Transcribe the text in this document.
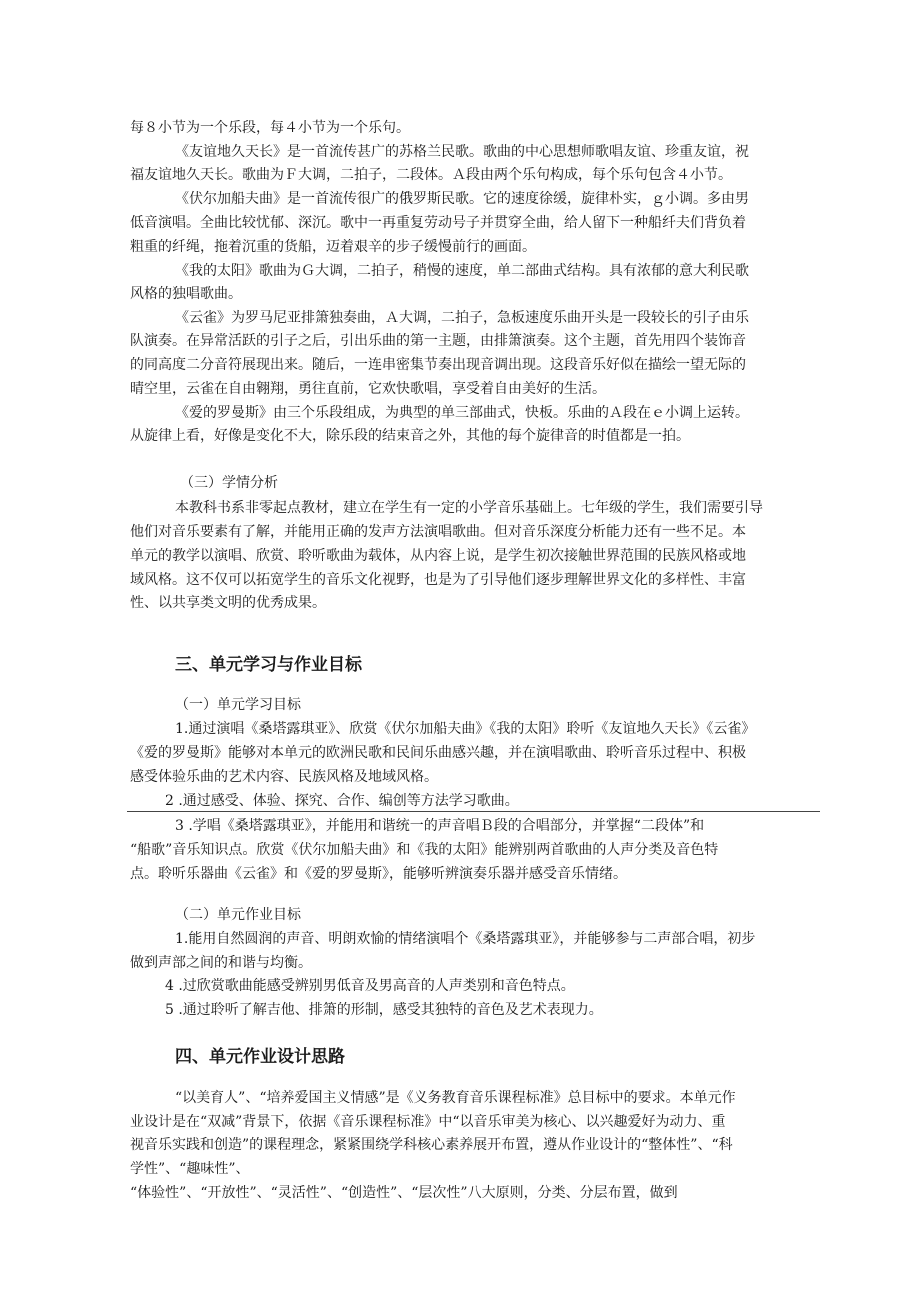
每８小节为一个乐段，每４小节为一个乐句。
《友谊地久天长》是一首流传甚广的苏格兰民歌。歌曲的中心思想师歌唱友谊、珍重友谊，祝
福友谊地久天长。歌曲为Ｆ大调，二拍子，二段体。Ａ段由两个乐句构成，每个乐句包含４小节。
《伏尔加船夫曲》是一首流传很广的俄罗斯民歌。它的速度徐缓，旋律朴实，ｇ小调。多由男
低音演唱。全曲比较忧郁、深沉。歌中一再重复劳动号子并贯穿全曲，给人留下一种船纤夫们背负着
粗重的纤绳，拖着沉重的货船，迈着艰辛的步子缓慢前行的画面。
《我的太阳》歌曲为Ｇ大调，二拍子，稍慢的速度，单二部曲式结构。具有浓郁的意大利民歌
风格的独唱歌曲。
《云雀》为罗马尼亚排箫独奏曲，Ａ大调，二拍子，急板速度乐曲开头是一段较长的引子由乐
队演奏。在异常活跃的引子之后，引出乐曲的第一主题，由排箫演奏。这个主题，首先用四个装饰音
的同高度二分音符展现出来。随后，一连串密集节奏出现音调出现。这段音乐好似在描绘一望无际的
晴空里，云雀在自由翱翔，勇往直前，它欢快歌唱，享受着自由美好的生活。
《爱的罗曼斯》由三个乐段组成，为典型的单三部曲式，快板。乐曲的Ａ段在ｅ小调上运转。
从旋律上看，好像是变化不大，除乐段的结束音之外，其他的每个旋律音的时值都是一拍。
（三）学情分析
本教科书系非零起点教材，建立在学生有一定的小学音乐基础上。七年级的学生，我们需要引导
他们对音乐要素有了解，并能用正确的发声方法演唱歌曲。但对音乐深度分析能力还有一些不足。本
单元的教学以演唱、欣赏、聆听歌曲为载体，从内容上说，是学生初次接触世界范围的民族风格或地
域风格。这不仅可以拓宽学生的音乐文化视野，也是为了引导他们逐步理解世界文化的多样性、丰富
性、以共享类文明的优秀成果。
三、单元学习与作业目标
（一）单元学习目标
1.通过演唱《桑塔露琪亚》、欣赏《伏尔加船夫曲》《我的太阳》聆听《友谊地久天长》《云雀》
《爱的罗曼斯》能够对本单元的欧洲民歌和民间乐曲感兴趣，并在演唱歌曲、聆听音乐过程中、积极
感受体验乐曲的艺术内容、民族风格及地域风格。
2 .通过感受、体验、探究、合作、编创等方法学习歌曲。
3 .学唱《桑塔露琪亚》，并能用和谐统一的声音唱Ｂ段的合唱部分，并掌握“二段体”和
“船歌”音乐知识点。欣赏《伏尔加船夫曲》和《我的太阳》能辨别两首歌曲的人声分类及音色特
点。聆听乐器曲《云雀》和《爱的罗曼斯》，能够听辨演奏乐器并感受音乐情绪。
（二）单元作业目标
1.能用自然圆润的声音、明朗欢愉的情绪演唱个《桑塔露琪亚》，并能够参与二声部合唱，初步
做到声部之间的和谐与均衡。
4 .过欣赏歌曲能感受辨别男低音及男高音的人声类别和音色特点。
5 .通过聆听了解吉他、排箫的形制，感受其独特的音色及艺术表现力。
四、单元作业设计思路
“以美育人”、“培养爱国主义情感”是《义务教育音乐课程标准》总目标中的要求。本单元作
业设计是在“双减”背景下，依据《音乐课程标准》中“以音乐审美为核心、以兴趣爱好为动力、重
视音乐实践和创造”的课程理念，紧紧围绕学科核心素养展开布置，遵从作业设计的“整体性”、“科
学性”、“趣味性”、
“体验性”、“开放性”、“灵活性”、“创造性”、“层次性”八大原则，分类、分层布置，做到
